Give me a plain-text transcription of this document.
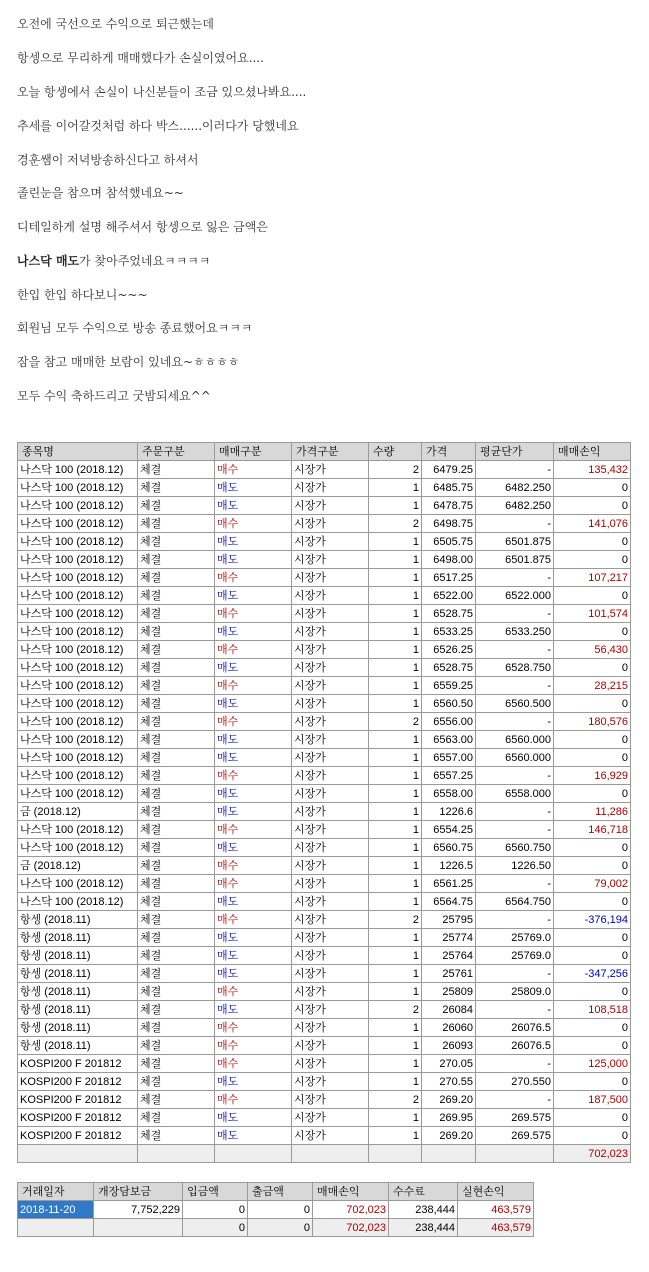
오전에 국선으로 수익으로 퇴근했는데
항셍으로 무리하게 매매했다가 손실이였어요....
오늘 항셍에서 손실이 나신분들이 조금 있으셨나봐요....
추세를 이어갈것처럼 하다 박스......이러다가 당했네요
경훈쌤이 저녁방송하신다고 하셔서
졸린눈을 참으며 참석했네요~~
디테일하게 설명 해주셔서 항셍으로 잃은 금액은
나스닥 매도가 찾아주었네요ㅋㅋㅋㅋ
한입 한입 하다보니~~~
회원님 모두 수익으로 방송 종료했어요ㅋㅋㅋ
잠을 참고 매매한 보람이 있네요~ㅎㅎㅎㅎ
모두 수익 축하드리고 굿밤되세요^^
종목명	주문구분	매매구분	가격구분	수량	가격	평균단가	매매손익
나스닥 100 (2018.12)	체결	매수	시장가	2	6479.25	-	135,432
나스닥 100 (2018.12)	체결	매도	시장가	1	6485.75	6482.250	0
나스닥 100 (2018.12)	체결	매도	시장가	1	6478.75	6482.250	0
나스닥 100 (2018.12)	체결	매수	시장가	2	6498.75	-	141,076
나스닥 100 (2018.12)	체결	매도	시장가	1	6505.75	6501.875	0
나스닥 100 (2018.12)	체결	매도	시장가	1	6498.00	6501.875	0
나스닥 100 (2018.12)	체결	매수	시장가	1	6517.25	-	107,217
나스닥 100 (2018.12)	체결	매도	시장가	1	6522.00	6522.000	0
나스닥 100 (2018.12)	체결	매수	시장가	1	6528.75	-	101,574
나스닥 100 (2018.12)	체결	매도	시장가	1	6533.25	6533.250	0
나스닥 100 (2018.12)	체결	매수	시장가	1	6526.25	-	56,430
나스닥 100 (2018.12)	체결	매도	시장가	1	6528.75	6528.750	0
나스닥 100 (2018.12)	체결	매수	시장가	1	6559.25	-	28,215
나스닥 100 (2018.12)	체결	매도	시장가	1	6560.50	6560.500	0
나스닥 100 (2018.12)	체결	매수	시장가	2	6556.00	-	180,576
나스닥 100 (2018.12)	체결	매도	시장가	1	6563.00	6560.000	0
나스닥 100 (2018.12)	체결	매도	시장가	1	6557.00	6560.000	0
나스닥 100 (2018.12)	체결	매수	시장가	1	6557.25	-	16,929
나스닥 100 (2018.12)	체결	매도	시장가	1	6558.00	6558.000	0
금 (2018.12)	체결	매도	시장가	1	1226.6	-	11,286
나스닥 100 (2018.12)	체결	매수	시장가	1	6554.25	-	146,718
나스닥 100 (2018.12)	체결	매도	시장가	1	6560.75	6560.750	0
금 (2018.12)	체결	매수	시장가	1	1226.5	1226.50	0
나스닥 100 (2018.12)	체결	매수	시장가	1	6561.25	-	79,002
나스닥 100 (2018.12)	체결	매도	시장가	1	6564.75	6564.750	0
항셍 (2018.11)	체결	매수	시장가	2	25795	-	-376,194
항셍 (2018.11)	체결	매도	시장가	1	25774	25769.0	0
항셍 (2018.11)	체결	매도	시장가	1	25764	25769.0	0
항셍 (2018.11)	체결	매도	시장가	1	25761	-	-347,256
항셍 (2018.11)	체결	매수	시장가	1	25809	25809.0	0
항셍 (2018.11)	체결	매도	시장가	2	26084	-	108,518
항셍 (2018.11)	체결	매수	시장가	1	26060	26076.5	0
항셍 (2018.11)	체결	매수	시장가	1	26093	26076.5	0
KOSPI200 F 201812	체결	매수	시장가	1	270.05	-	125,000
KOSPI200 F 201812	체결	매도	시장가	1	270.55	270.550	0
KOSPI200 F 201812	체결	매수	시장가	2	269.20	-	187,500
KOSPI200 F 201812	체결	매도	시장가	1	269.95	269.575	0
KOSPI200 F 201812	체결	매도	시장가	1	269.20	269.575	0
							702,023
거래일자	개장담보금	입금액	출금액	매매손익	수수료	실현손익
2018-11-20	7,752,229	0	0	702,023	238,444	463,579
		0	0	702,023	238,444	463,579
